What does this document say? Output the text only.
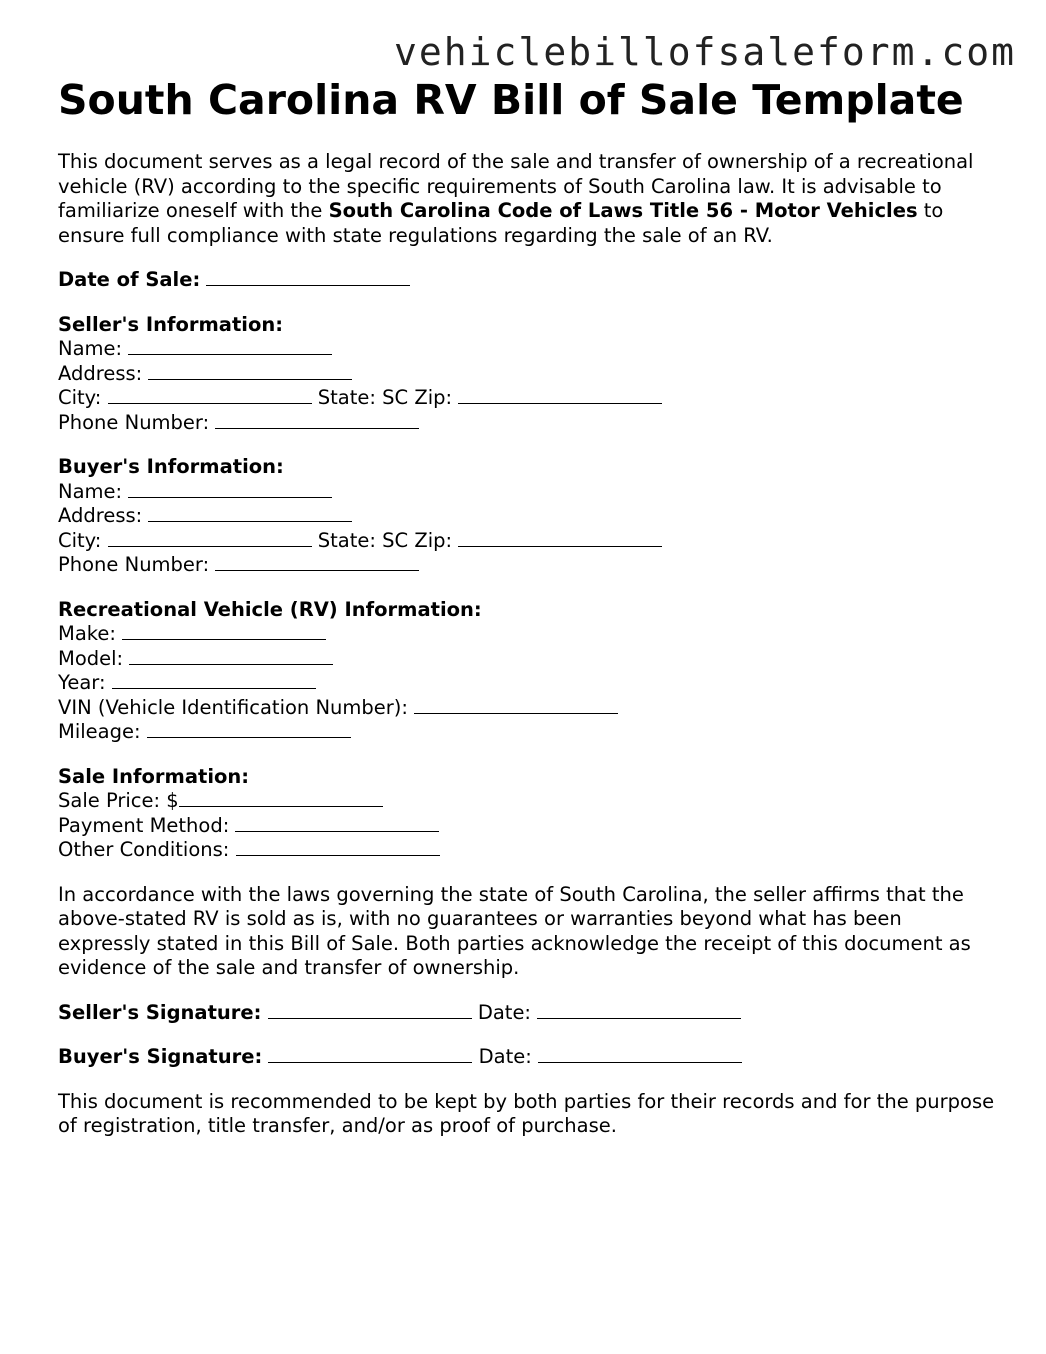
vehiclebillofsaleform.com
South Carolina RV Bill of Sale Template

This document serves as a legal record of the sale and transfer of ownership of a recreational vehicle (RV) according to the specific requirements of South Carolina law. It is advisable to familiarize oneself with the South Carolina Code of Laws Title 56 - Motor Vehicles to ensure full compliance with state regulations regarding the sale of an RV.

Date of Sale:
Seller's Information:
Name:
Address:
City:	State: SC Zip:
Phone Number:
Buyer's Information:
Name:
Address:
City:	State: SC Zip:
Phone Number:
Recreational Vehicle (RV) Information:
Make:
Model:
Year:
VIN (Vehicle Identification Number):
Mileage:
Sale Information:
Sale Price: $
Payment Method:
Other Conditions:

In accordance with the laws governing the state of South Carolina, the seller affirms that the above-stated RV is sold as is, with no guarantees or warranties beyond what has been expressly stated in this Bill of Sale. Both parties acknowledge the receipt of this document as evidence of the sale and transfer of ownership.

Seller's Signature:	Date:
Buyer's Signature:	Date:

This document is recommended to be kept by both parties for their records and for the purpose of registration, title transfer, and/or as proof of purchase.
